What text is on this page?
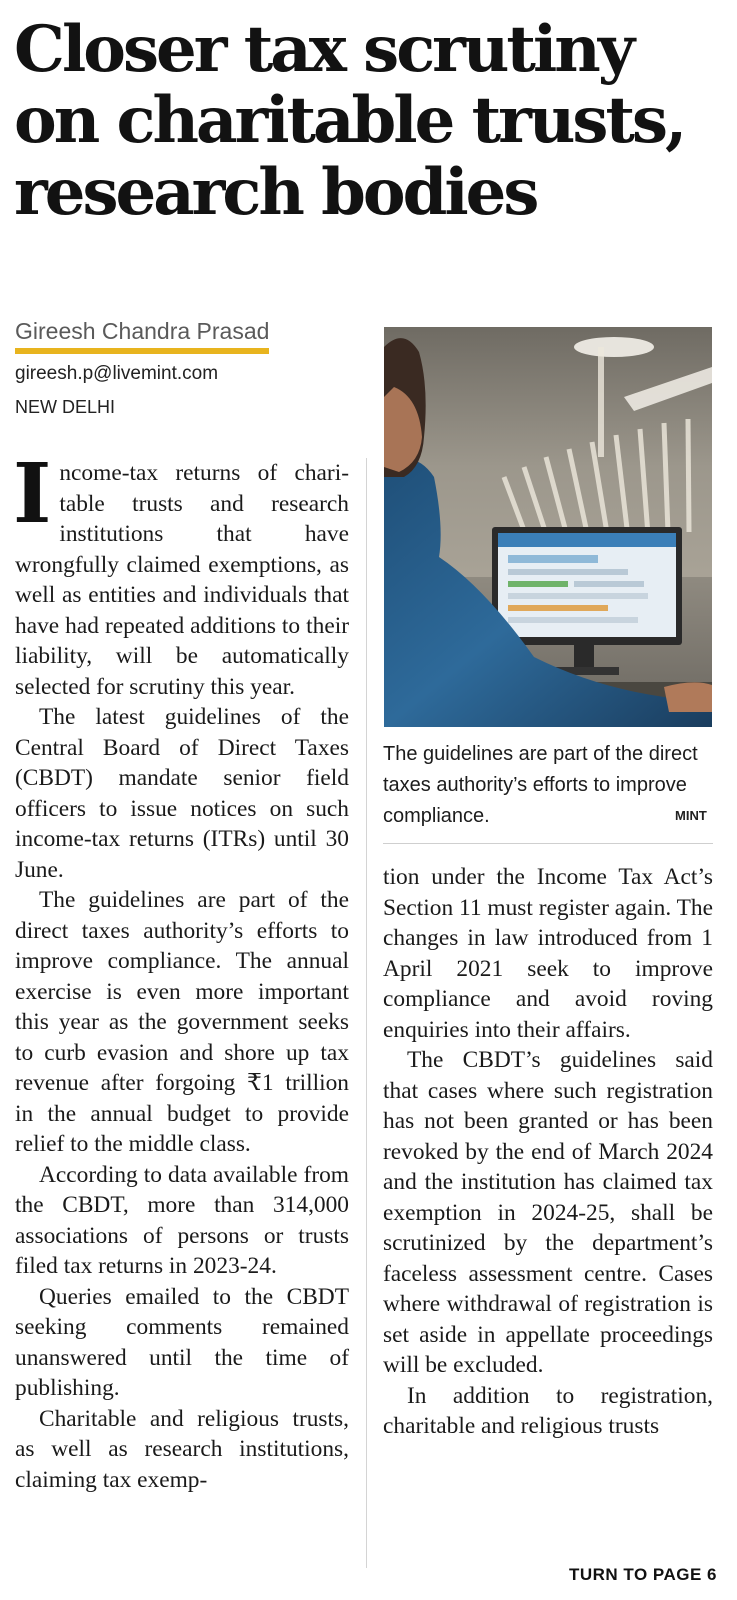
Closer tax scrutiny on charitable trusts, research bodies
Gireesh Chandra Prasad
gireesh.p@livemint.com
NEW DELHI
The guidelines are part of the direct taxes authority’s efforts to improve compliance.	MINT

Income-tax returns of charitable trusts and research institutions that have wrongfully claimed exemptions, as well as entities and individuals that have had repeated additions to their liability, will be automatically selected for scrutiny this year.

The latest guidelines of the Central Board of Direct Taxes (CBDT) mandate senior field officers to issue notices on such income-tax returns (ITRs) until 30 June.

The guidelines are part of the direct taxes authority’s efforts to improve compliance. The annual exercise is even more important this year as the government seeks to curb evasion and shore up tax revenue after forgoing ₹1 trillion in the annual budget to provide relief to the middle class.

According to data available from the CBDT, more than 314,000 associations of persons or trusts filed tax returns in 2023-24.

Queries emailed to the CBDT seeking comments remained unanswered until the time of publishing.

Charitable and religious trusts, as well as research institutions, claiming tax exemp-

tion under the Income Tax Act’s Section 11 must register again. The changes in law introduced from 1 April 2021 seek to improve compliance and avoid roving enquiries into their affairs.

The CBDT’s guidelines said that cases where such registration has not been granted or has been revoked by the end of March 2024 and the institution has claimed tax exemption in 2024-25, shall be scrutinized by the department’s faceless assessment centre. Cases where withdrawal of registration is set aside in appellate proceedings will be excluded.

In addition to registration, charitable and religious trusts

TURN TO PAGE 6
